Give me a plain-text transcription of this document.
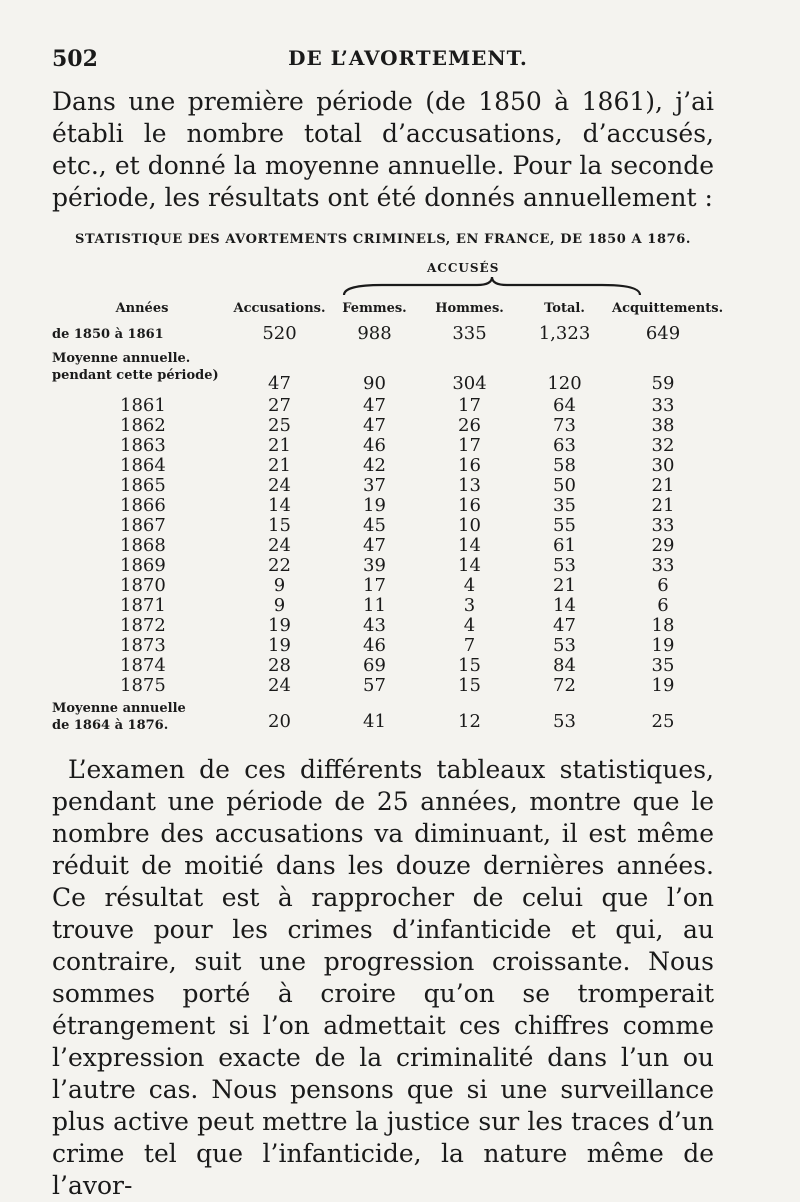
502	DE L’AVORTEMENT.

Dans une première période (de 1850 à 1861), j’ai établi le nombre total d’accusations, d’accusés, etc., et donné la moyenne annuelle. Pour la seconde période, les résultats ont été donnés annuellement :

STATISTIQUE DES AVORTEMENTS CRIMINELS, EN FRANCE, DE 1850 A 1876.
ACCUSÉS
Années	Accusations.	Femmes.	Hommes.	Total.	Acquittements.
de 1850 à 1861	520	988	335	1,323	649

Moyenne annuelle.
pendant cette période)	47	90	304	120	59
1861	27	47	17	64	33
1862	25	47	26	73	38
1863	21	46	17	63	32
1864	21	42	16	58	30
1865	24	37	13	50	21
1866	14	19	16	35	21
1867	15	45	10	55	33
1868	24	47	14	61	29
1869	22	39	14	53	33
1870	9	17	4	21	6
1871	9	11	3	14	6
1872	19	43	4	47	18
1873	19	46	7	53	19
1874	28	69	15	84	35
1875	24	57	15	72	19

Moyenne annuelle
de 1864 à 1876.	20	41	12	53	25

L’examen de ces différents tableaux statistiques, pendant une période de 25 années, montre que le nombre des accusations va diminuant, il est même réduit de moitié dans les douze dernières années. Ce résultat est à rapprocher de celui que l’on trouve pour les crimes d’infanticide et qui, au contraire, suit une progression croissante. Nous sommes porté à croire qu’on se tromperait étrangement si l’on admettait ces chiffres comme l’expression exacte de la criminalité dans l’un ou l’autre cas. Nous pensons que si une surveillance plus active peut mettre la justice sur les traces d’un crime tel que l’infanticide, la nature même de l’avor-
